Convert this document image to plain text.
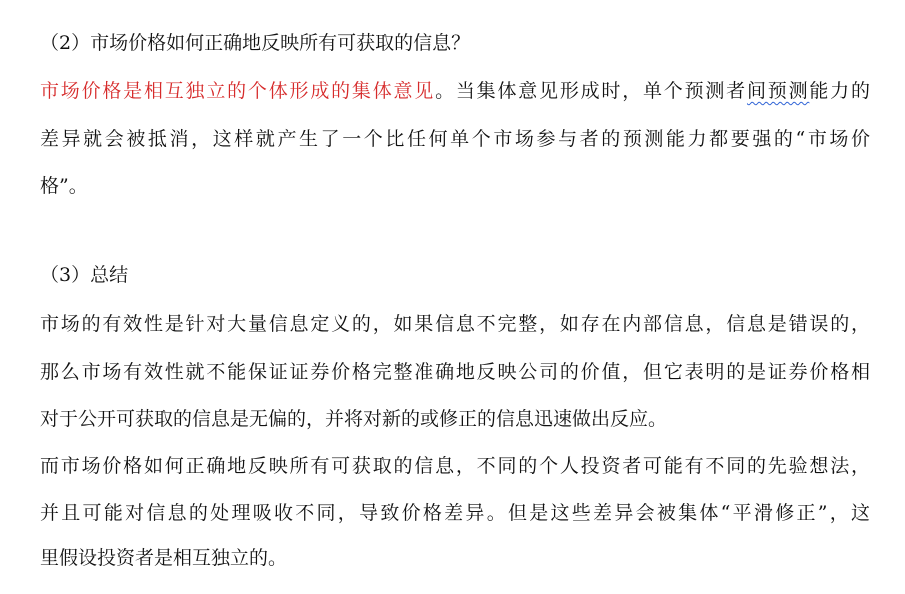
（2）市场价格如何正确地反映所有可获取的信息？
市场价格是相互独立的个体形成的集体意见。当集体意见形成时，单个预测者间预测能力的
差异就会被抵消，这样就产生了一个比任何单个市场参与者的预测能力都要强的“市场价
格”。
（3）总结
市场的有效性是针对大量信息定义的，如果信息不完整，如存在内部信息，信息是错误的，
那么市场有效性就不能保证证券价格完整准确地反映公司的价值，但它表明的是证券价格相
对于公开可获取的信息是无偏的，并将对新的或修正的信息迅速做出反应。
而市场价格如何正确地反映所有可获取的信息，不同的个人投资者可能有不同的先验想法，
并且可能对信息的处理吸收不同，导致价格差异。但是这些差异会被集体“平滑修正”，这
里假设投资者是相互独立的。
